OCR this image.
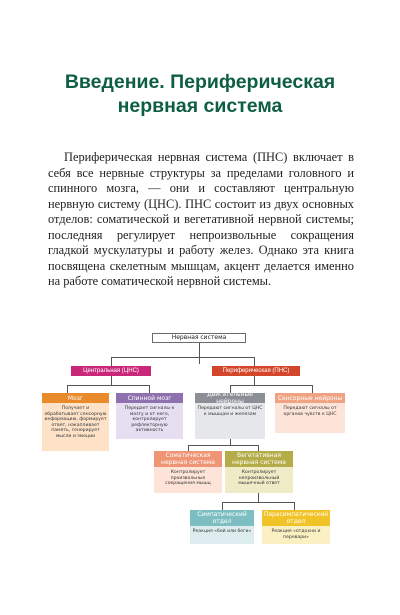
Введение. Периферическая
нервная система

Периферическая нервная система (ПНС) включает в себя все нервные структуры за пределами головного и спинного мозга, — они и составляют центральную нервную систему (ЦНС). ПНС состоит из двух основных отделов: соматической и вегетативной нервной системы; последняя регулирует непроизвольные сокращения гладкой мускулатуры и работу желез. Однако эта книга посвящена скелетным мышцам, акцент делается именно на работе соматической нервной системы.

Нервная система
Центральная (ЦНС)	Периферическая (ПНС)
Мозг
Получает и обрабатывает сенсорную информацию, формирует ответ, накапливает память, генерирует мысли и эмоции
Спинной мозг
Передает сигналы к мозгу и от него, контролирует рефлекторную активность
Двигательные нейроны
Передают сигналы от ЦНС к мышцам и железам
Сенсорные нейроны
Передают сигналы от органов чувств к ЦНС
Соматическая нервная система
Контролирует произвольные сокращения мышц
Вегетативная нервная система
Контролирует непроизвольный мышечный ответ
Симпатический отдел
Реакция «бей или беги»
Парасимпатический отдел
Реакция «отдохни и перевари»
